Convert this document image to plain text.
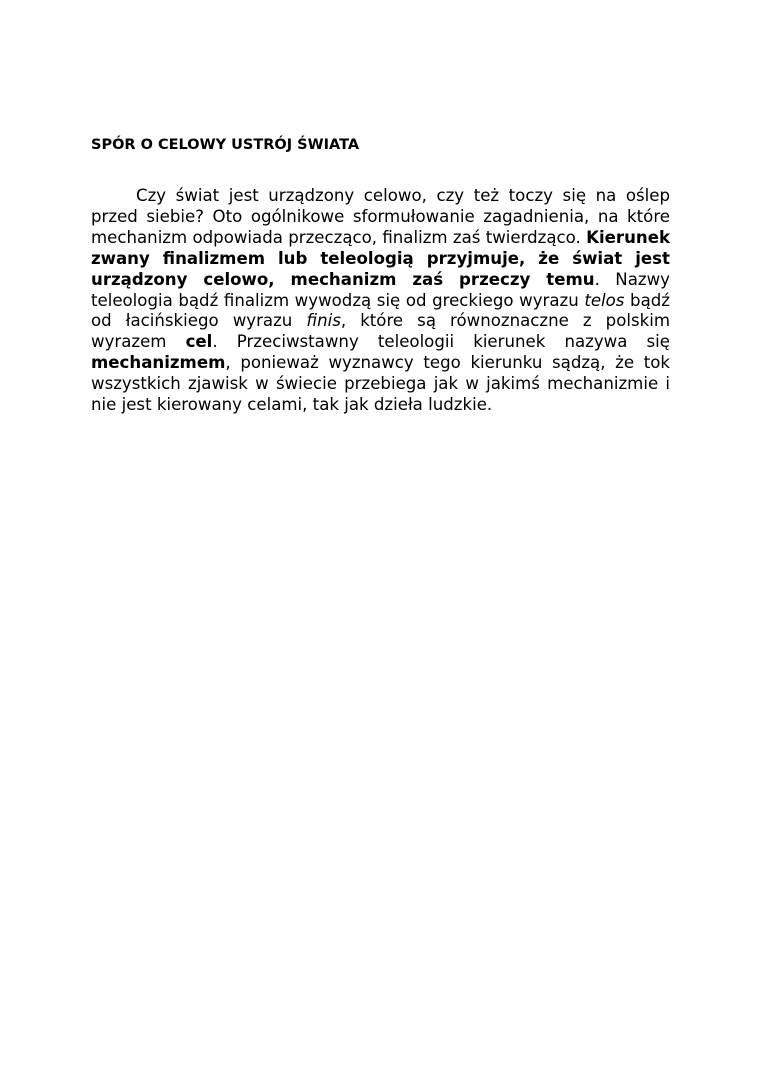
SPÓR O CELOWY USTRÓJ ŚWIATA

Czy świat jest urządzony celowo, czy też toczy się na oślep przed siebie? Oto ogólnikowe sformułowanie zagadnienia, na które mechanizm odpowiada przecząco, finalizm zaś twierdząco. Kierunek zwany finalizmem lub teleologią przyjmuje, że świat jest urządzony celowo, mechanizm zaś przeczy temu. Nazwy teleologia bądź finalizm wywodzą się od greckiego wyrazu telos bądź od łacińskiego wyrazu finis, które są równoznaczne z polskim wyrazem cel. Przeciwstawny teleologii kierunek nazywa się mechanizmem, ponieważ wyznawcy tego kierunku sądzą, że tok wszystkich zjawisk w świecie przebiega jak w jakimś mechanizmie i nie jest kierowany celami, tak jak dzieła ludzkie.
